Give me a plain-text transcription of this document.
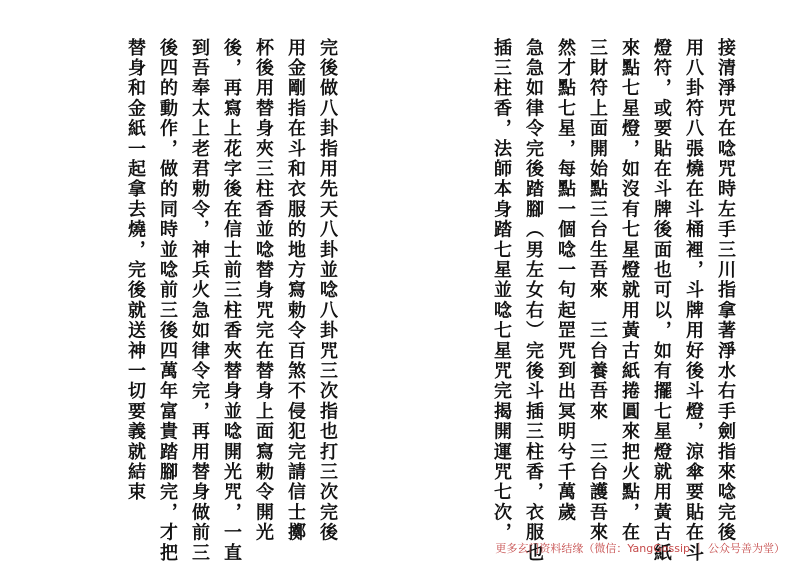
接清淨咒在唸咒時左手三川指拿著淨水右手劍指來唸完後
用八卦符八張燒在斗桶裡，斗牌用好後斗燈，涼傘要貼在斗
燈符，或要貼在斗牌後面也可以，如有擺七星燈就用黃古紙
來點七星燈，如沒有七星燈就用黃古紙捲圓來把火點，在
三財符上面開始點三台生吾來　三台養吾來　三台護吾來
然才點七星，每點一個唸一句起罡咒到出冥明兮千萬歲
急急如律令完後踏腳（男左女右）完後斗插三柱香，衣服也
插三柱香，法師本身踏七星並唸七星咒完揭開運咒七次，
完後做八卦指用先天八卦並唸八卦咒三次指也打三次完後
用金剛指在斗和衣服的地方寫勅令百煞不侵犯完請信士擲
杯後用替身夾三柱香並唸替身咒完在替身上面寫勅令開光
後，再寫上花字後在信士前三柱香夾替身並唸開光咒，一直
到吾奉太上老君勅令，神兵火急如律令完，再用替身做前三
後四的動作，做的同時並唸前三後四萬年富貴踏腳完，才把
替身和金紙一起拿去燒，完後就送神一切要義就結束
更多玄门资料结缘（微信：YangGossip ｜ 公众号善为堂）
